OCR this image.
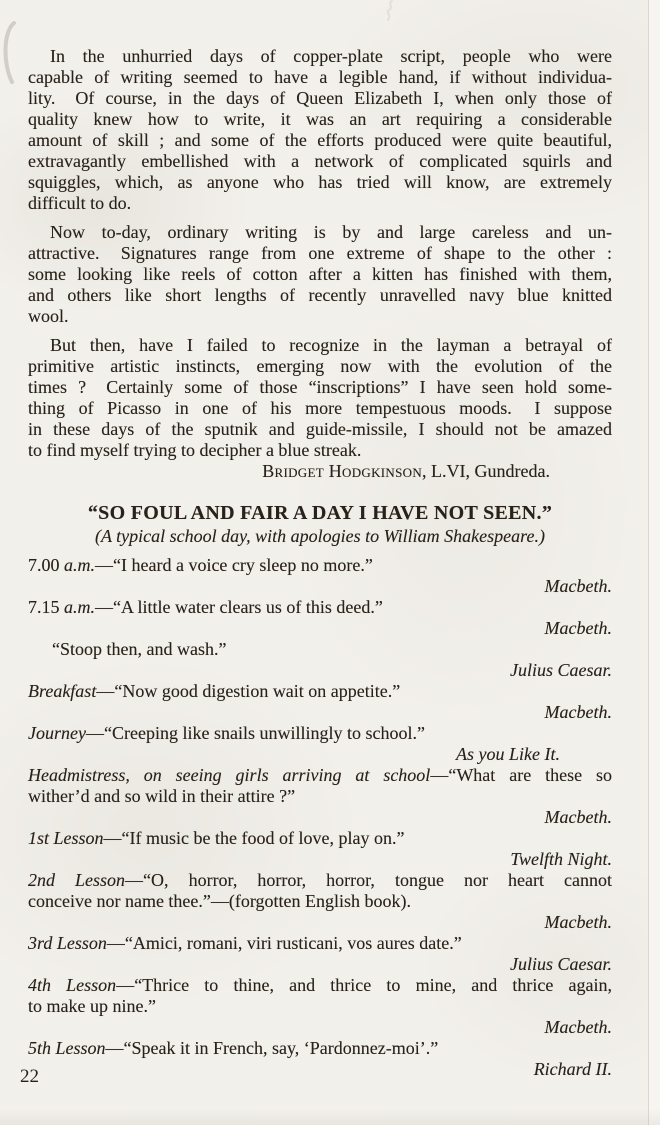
In the unhurried days of copper-plate script, people who were
capable of writing seemed to have a legible hand, if without individua-
lity.  Of course, in the days of Queen Elizabeth I, when only those of
quality knew how to write, it was an art requiring a considerable
amount of skill ; and some of the efforts produced were quite beautiful,
extravagantly embellished with a network of complicated squirls and
squiggles, which, as anyone who has tried will know, are extremely
difficult to do.

Now to-day, ordinary writing is by and large careless and un-
attractive.  Signatures range from one extreme of shape to the other :
some looking like reels of cotton after a kitten has finished with them,
and others like short lengths of recently unravelled navy blue knitted
wool.

But then, have I failed to recognize in the layman a betrayal of
primitive artistic instincts, emerging now with the evolution of the
times ?  Certainly some of those “inscriptions” I have seen hold some-
thing of Picasso in one of his more tempestuous moods.  I suppose
in these days of the sputnik and guide-missile, I should not be amazed
to find myself trying to decipher a blue streak.

Bridget Hodgkinson, L.VI, Gundreda.
“SO FOUL AND FAIR A DAY I HAVE NOT SEEN.”
(A typical school day, with apologies to William Shakespeare.)
7.00 a.m.—“I heard a voice cry sleep no more.”
Macbeth.
7.15 a.m.—“A little water clears us of this deed.”
Macbeth.
“Stoop then, and wash.”
Julius Caesar.
Breakfast—“Now good digestion wait on appetite.”
Macbeth.
Journey—“Creeping like snails unwillingly to school.”
As you Like It.
Headmistress, on seeing girls arriving at school—“What are these so
wither’d and so wild in their attire ?”
Macbeth.
1st Lesson—“If music be the food of love, play on.”
Twelfth Night.
2nd Lesson—“O, horror, horror, horror, tongue nor heart cannot
conceive nor name thee.”—(forgotten English book).
Macbeth.
3rd Lesson—“Amici, romani, viri rusticani, vos aures date.”
Julius Caesar.
4th Lesson—“Thrice to thine, and thrice to mine, and thrice again,
to make up nine.”
Macbeth.
5th Lesson—“Speak it in French, say, ‘Pardonnez-moi’.”
Richard II.
22
